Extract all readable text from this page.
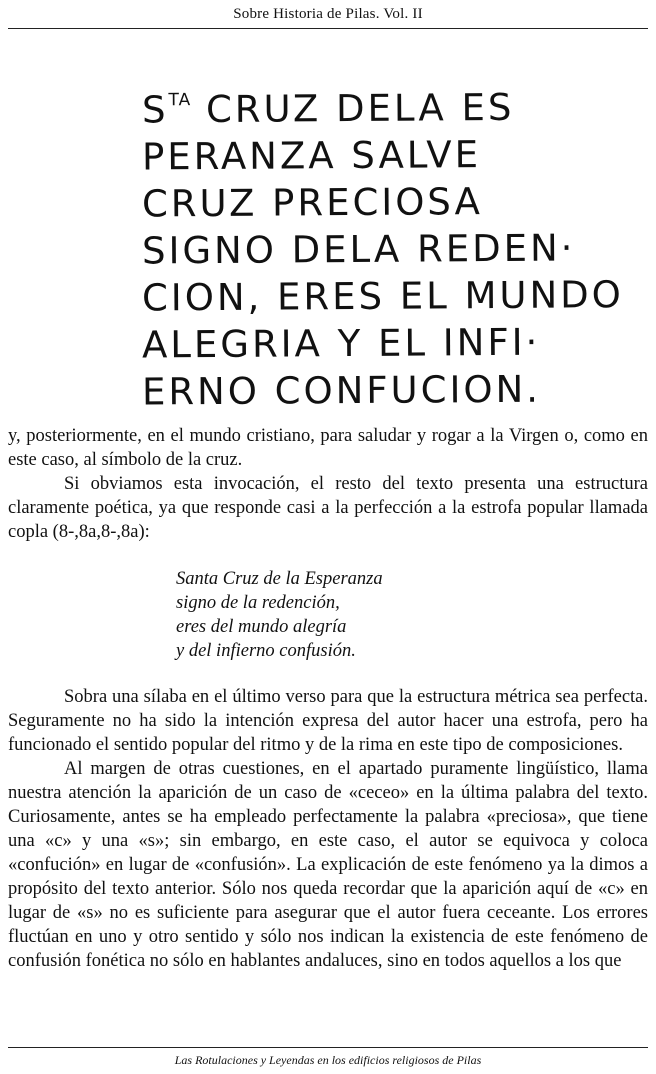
Sobre Historia de Pilas. Vol. II
$S^{TA}$ CRUZ DELA ES
PERANZA SALVE
CRUZ PRECIOSA
SIGNO DELA REDEN·
CION, ERES EL MUNDO
ALEGRIA Y EL INFI·
ERNO CONFUCION.

y, posteriormente, en el mundo cristiano, para saludar y rogar a la Virgen o, como en este caso, al símbolo de la cruz.

Si obviamos esta invocación, el resto del texto presenta una estructura claramente poética, ya que responde casi a la perfección a la estrofa popular llamada copla (8-,8a,8-,8a):

Santa Cruz de la Esperanza
signo de la redención,
eres del mundo alegría
y del infierno confusión.

Sobra una sílaba en el último verso para que la estructura métrica sea perfecta. Seguramente no ha sido la intención expresa del autor hacer una estrofa, pero ha funcionado el sentido popular del ritmo y de la rima en este tipo de composiciones.

Al margen de otras cuestiones, en el apartado puramente lingüístico, llama nuestra atención la aparición de un caso de «ceceo» en la última palabra del texto. Curiosamente, antes se ha empleado perfectamente la palabra «preciosa», que tiene una «c» y una «s»; sin embargo, en este caso, el autor se equivoca y coloca «confución» en lugar de «confusión». La explicación de este fenómeno ya la dimos a propósito del texto anterior. Sólo nos queda recordar que la aparición aquí de «c» en lugar de «s» no es suficiente para asegurar que el autor fuera ceceante. Los errores fluctúan en uno y otro sentido y sólo nos indican la existencia de este fenómeno de confusión fonética no sólo en hablantes andaluces, sino en todos aquellos a los que

Las Rotulaciones y Leyendas en los edificios religiosos de Pilas
